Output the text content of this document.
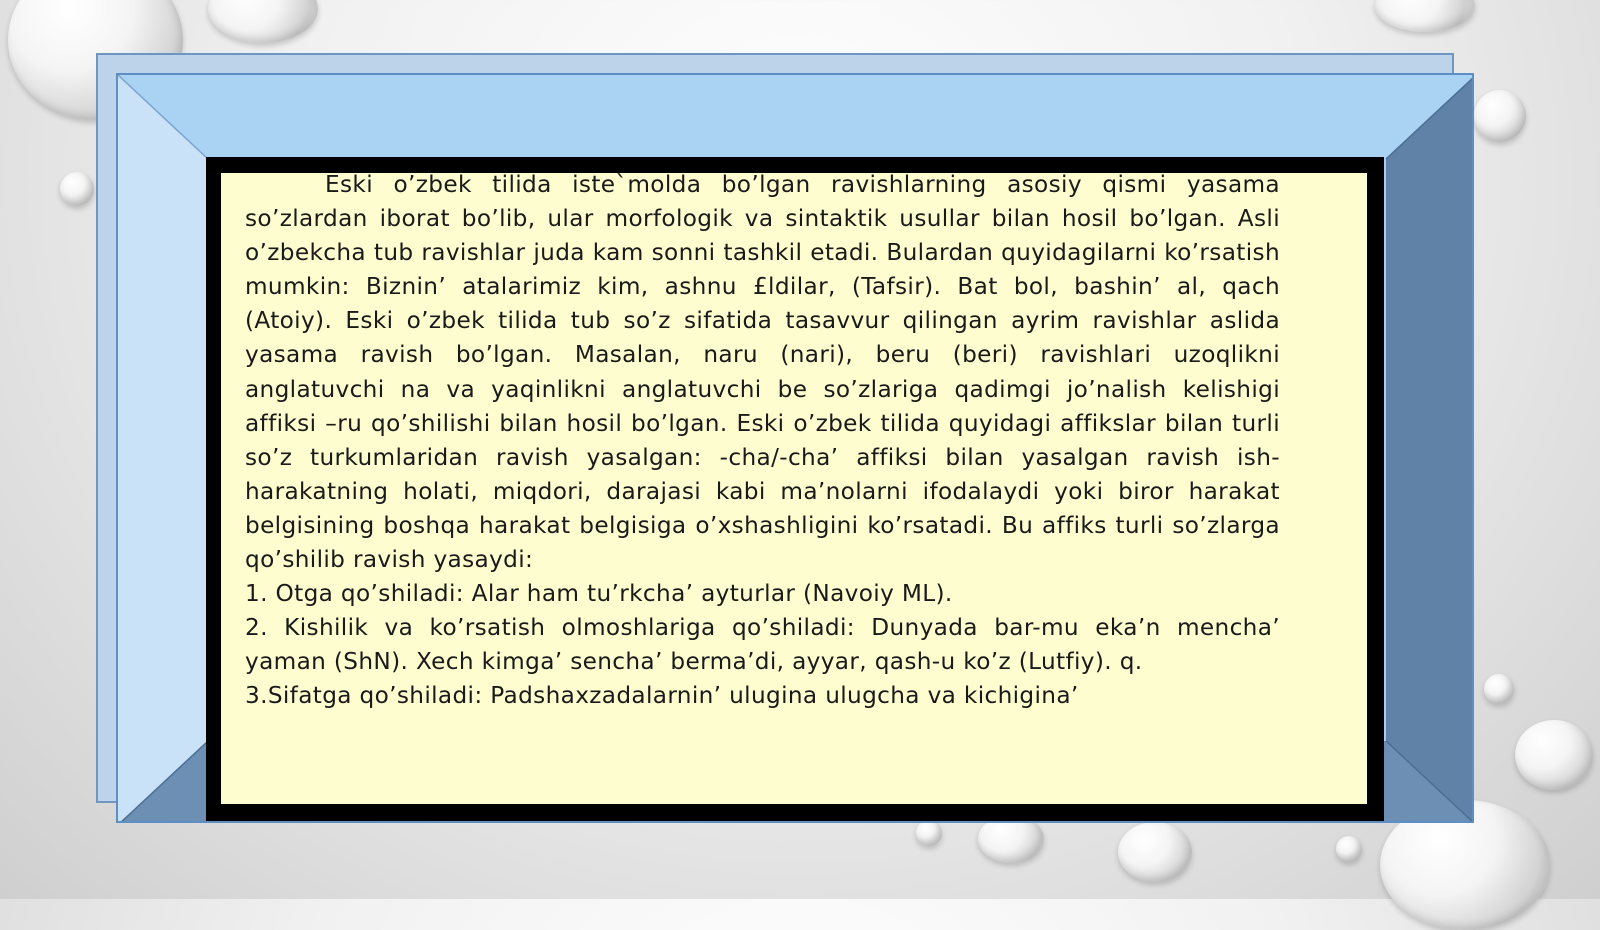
Eski o’zbek tilida iste`molda bo’lgan ravishlarning asosiy qismi yasama so’zlardan iborat bo’lib, ular morfologik va sintaktik usullar bilan hosil bo’lgan. Asli o’zbekcha tub ravishlar juda kam sonni tashkil etadi. Bulardan quyidagilarni ko’rsatish mumkin: Biznin’ atalarimiz kim, ashnu £ldilar, (Tafsir). Bat bol, bashin’ al, qach (Atoiy). Eski o’zbek tilida tub so’z sifatida tasavvur qilingan ayrim ravishlar aslida yasama ravish bo’lgan. Masalan, naru (nari), beru (beri) ravishlari uzoqlikni anglatuvchi na va yaqinlikni anglatuvchi be so’zlariga qadimgi jo’nalish kelishigi affiksi –ru qo’shilishi bilan hosil bo’lgan. Eski o’zbek tilida quyidagi affikslar bilan turli so’z turkumlaridan ravish yasalgan: -cha/-cha’ affiksi bilan yasalgan ravish ish-harakatning holati, miqdori, darajasi kabi ma’nolarni ifodalaydi yoki biror harakat belgisining boshqa harakat belgisiga o’xshashligini ko’rsatadi. Bu affiks turli so’zlarga qo’shilib ravish yasaydi:

1. Otga qo’shiladi: Alar ham tu’rkcha’ ayturlar (Navoiy ML).

2. Kishilik va ko’rsatish olmoshlariga qo’shiladi: Dunyada bar-mu eka’n mencha’ yaman (ShN). Xech kimga’ sencha’ berma’di, ayyar, qash-u ko’z (Lutfiy). q.

3.Sifatga qo’shiladi: Padshaxzadalarnin’ ulugina ulugcha va kichigina’
